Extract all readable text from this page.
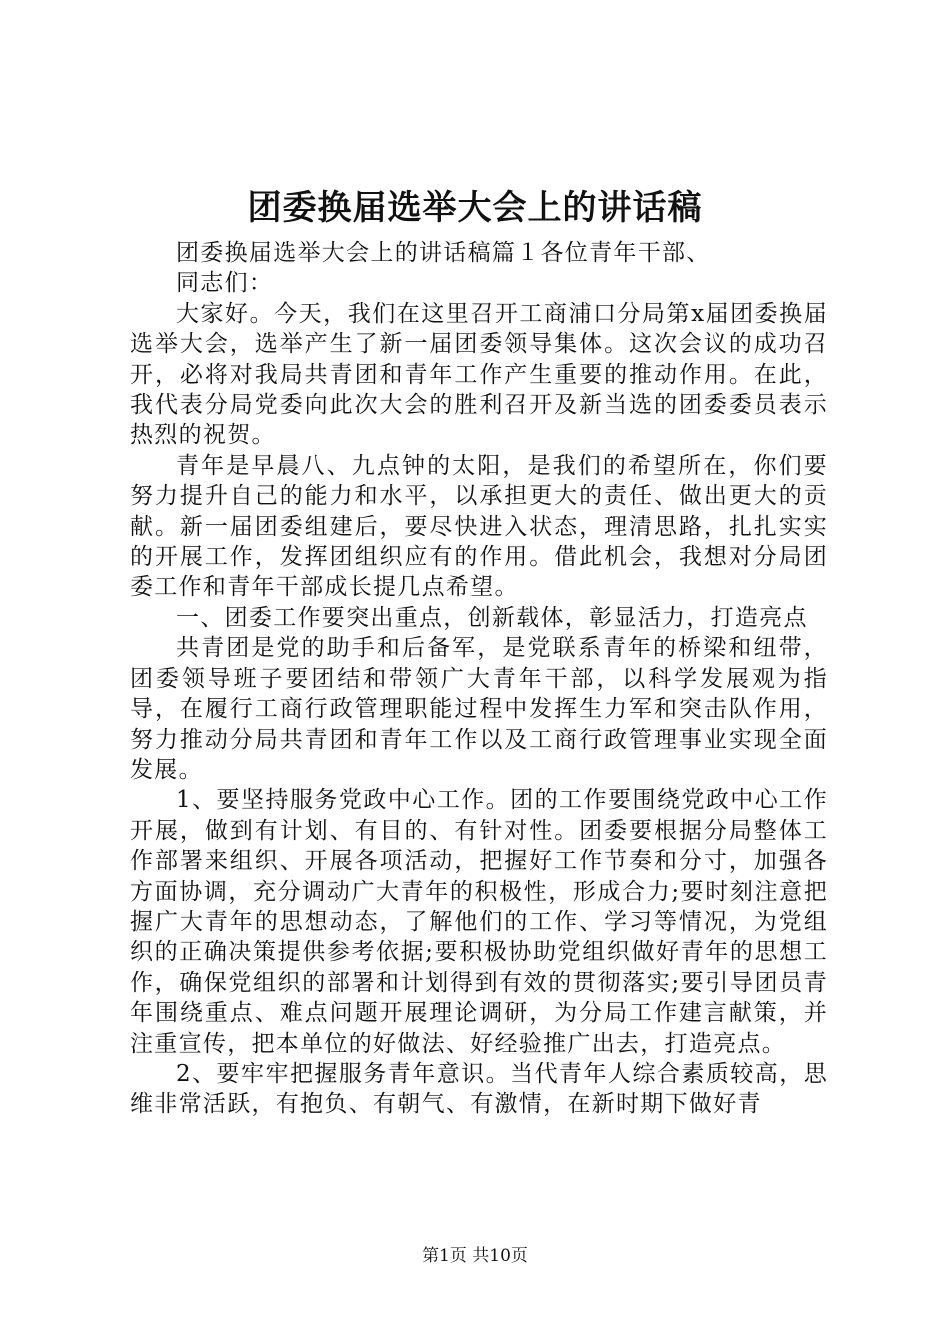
团委换届选举大会上的讲话稿

团委换届选举大会上的讲话稿篇１各位青年干部、

同志们：

大家好。今天，我们在这里召开工商浦口分局第x届团委换届选举大会，选举产生了新一届团委领导集体。这次会议的成功召开，必将对我局共青团和青年工作产生重要的推动作用。在此，我代表分局党委向此次大会的胜利召开及新当选的团委委员表示热烈的祝贺。

青年是早晨八、九点钟的太阳，是我们的希望所在，你们要努力提升自己的能力和水平，以承担更大的责任、做出更大的贡献。新一届团委组建后，要尽快进入状态，理清思路，扎扎实实的开展工作，发挥团组织应有的作用。借此机会，我想对分局团委工作和青年干部成长提几点希望。

一、团委工作要突出重点，创新载体，彰显活力，打造亮点

共青团是党的助手和后备军，是党联系青年的桥梁和纽带，团委领导班子要团结和带领广大青年干部，以科学发展观为指导，在履行工商行政管理职能过程中发挥生力军和突击队作用，努力推动分局共青团和青年工作以及工商行政管理事业实现全面发展。

1、要坚持服务党政中心工作。团的工作要围绕党政中心工作开展，做到有计划、有目的、有针对性。团委要根据分局整体工作部署来组织、开展各项活动，把握好工作节奏和分寸，加强各方面协调，充分调动广大青年的积极性，形成合力;要时刻注意把握广大青年的思想动态，了解他们的工作、学习等情况，为党组织的正确决策提供参考依据;要积极协助党组织做好青年的思想工作，确保党组织的部署和计划得到有效的贯彻落实;要引导团员青年围绕重点、难点问题开展理论调研，为分局工作建言献策，并注重宣传，把本单位的好做法、好经验推广出去，打造亮点。

2、要牢牢把握服务青年意识。当代青年人综合素质较高，思维非常活跃，有抱负、有朝气、有激情，在新时期下做好青

第1页 共10页
